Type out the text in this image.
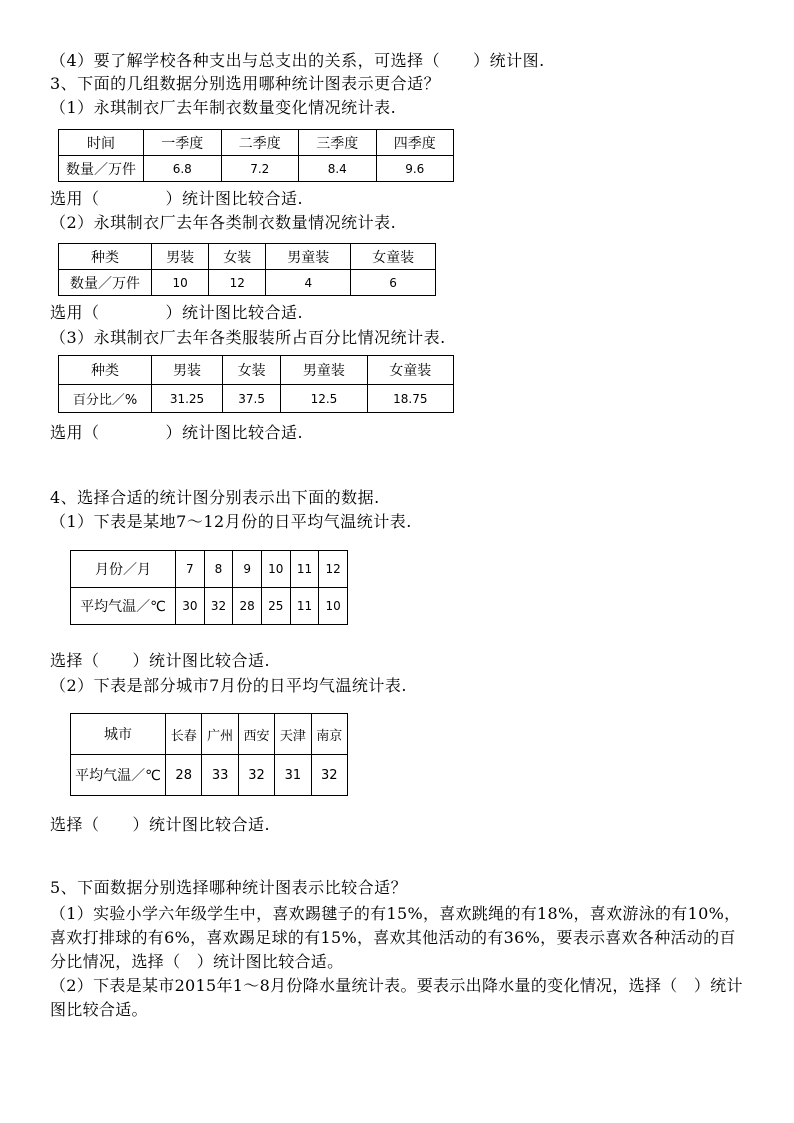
（4）要了解学校各种支出与总支出的关系，可选择（　　）统计图.
3、下面的几组数据分别选用哪种统计图表示更合适？
（1）永琪制衣厂去年制衣数量变化情况统计表.
时间	一季度	二季度	三季度	四季度
数量／万件	6.8	7.2	8.4	9.6
选用（　　　　）统计图比较合适.
（2）永琪制衣厂去年各类制衣数量情况统计表.
种类	男装	女装	男童装	女童装
数量／万件	10	12	4	6
选用（　　　　）统计图比较合适.
（3）永琪制衣厂去年各类服装所占百分比情况统计表.
种类	男装	女装	男童装	女童装
百分比／%	31.25	37.5	12.5	18.75
选用（　　　　）统计图比较合适.
4、选择合适的统计图分别表示出下面的数据.
（1）下表是某地7～12月份的日平均气温统计表.
月份／月	7	8	9	10	11	12
平均气温／℃	30	32	28	25	11	10
选择（　　）统计图比较合适.
（2）下表是部分城市7月份的日平均气温统计表.
城市	长春	广州	西安	天津	南京
平均气温／℃	28	33	32	31	32
选择（　　）统计图比较合适.
5、下面数据分别选择哪种统计图表示比较合适？
（1）实验小学六年级学生中，喜欢踢毽子的有15%，喜欢跳绳的有18%，喜欢游泳的有10%，喜欢打排球的有6%，喜欢踢足球的有15%，喜欢其他活动的有36%，要表示喜欢各种活动的百分比情况，选择（　）统计图比较合适。
（2）下表是某市2015年1～8月份降水量统计表。要表示出降水量的变化情况，选择（　）统计图比较合适。
